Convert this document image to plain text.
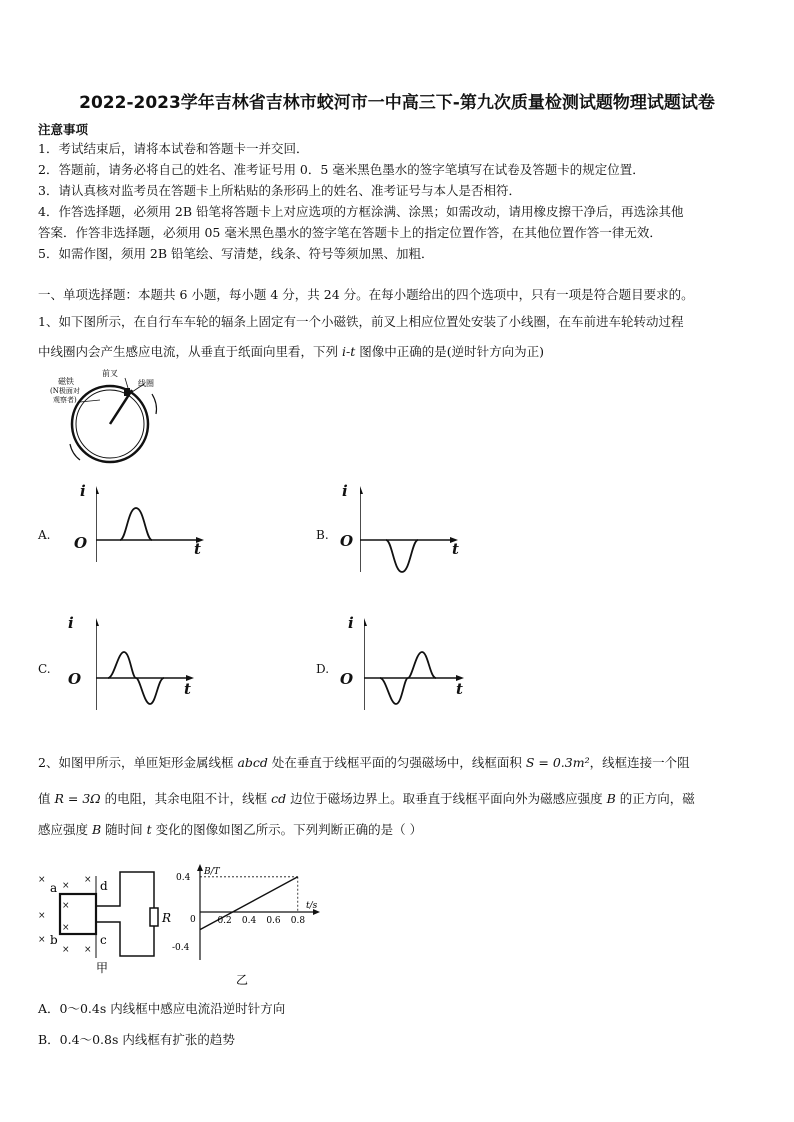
2022-2023学年吉林省吉林市蛟河市一中高三下-第九次质量检测试题物理试题试卷
注意事项
1．考试结束后，请将本试卷和答题卡一并交回．
2．答题前，请务必将自己的姓名、准考证号用 0．5 毫米黑色墨水的签字笔填写在试卷及答题卡的规定位置．
3．请认真核对监考员在答题卡上所粘贴的条形码上的姓名、准考证号与本人是否相符．
4．作答选择题，必须用 2B 铅笔将答题卡上对应选项的方框涂满、涂黑；如需改动，请用橡皮擦干净后，再选涂其他
答案．作答非选择题，必须用 05 毫米黑色墨水的签字笔在答题卡上的指定位置作答，在其他位置作答一律无效．
5．如需作图，须用 2B 铅笔绘、写清楚，线条、符号等须加黑、加粗．
一、单项选择题：本题共 6 小题，每小题 4 分，共 24 分。在每小题给出的四个选项中，只有一项是符合题目要求的。
1、如下图所示，在自行车车轮的辐条上固定有一个小磁铁，前叉上相应位置处安装了小线圈，在车前进车轮转动过程
中线圈内会产生感应电流，从垂直于纸面向里看，下列 i-t 图像中正确的是(逆时针方向为正)
磁铁
(N极面对
观察者)
前叉
线圈
A.
i
O	t
B.
i
O	t
C.
i
O
t
D.
i
O
t
2、如图甲所示，单匝矩形金属线框 abcd 处在垂直于线框平面的匀强磁场中，线框面积 S = 0.3m²，线框连接一个阻
值 R = 3Ω 的电阻，其余电阻不计，线框 cd 边位于磁场边界上。取垂直于线框平面向外为磁感应强度 B 的正方向，磁
感应强度 B 随时间 t 变化的图像如图乙所示。下列判断正确的是（ ）
×
×
×
×
×
×
×
×
×
a
b	c
d
R
甲
B/T
t/s
0 0.2 0.4 0.6 0.8
0.4
-0.4
乙
A．0～0.4s 内线框中感应电流沿逆时针方向
B．0.4～0.8s 内线框有扩张的趋势
